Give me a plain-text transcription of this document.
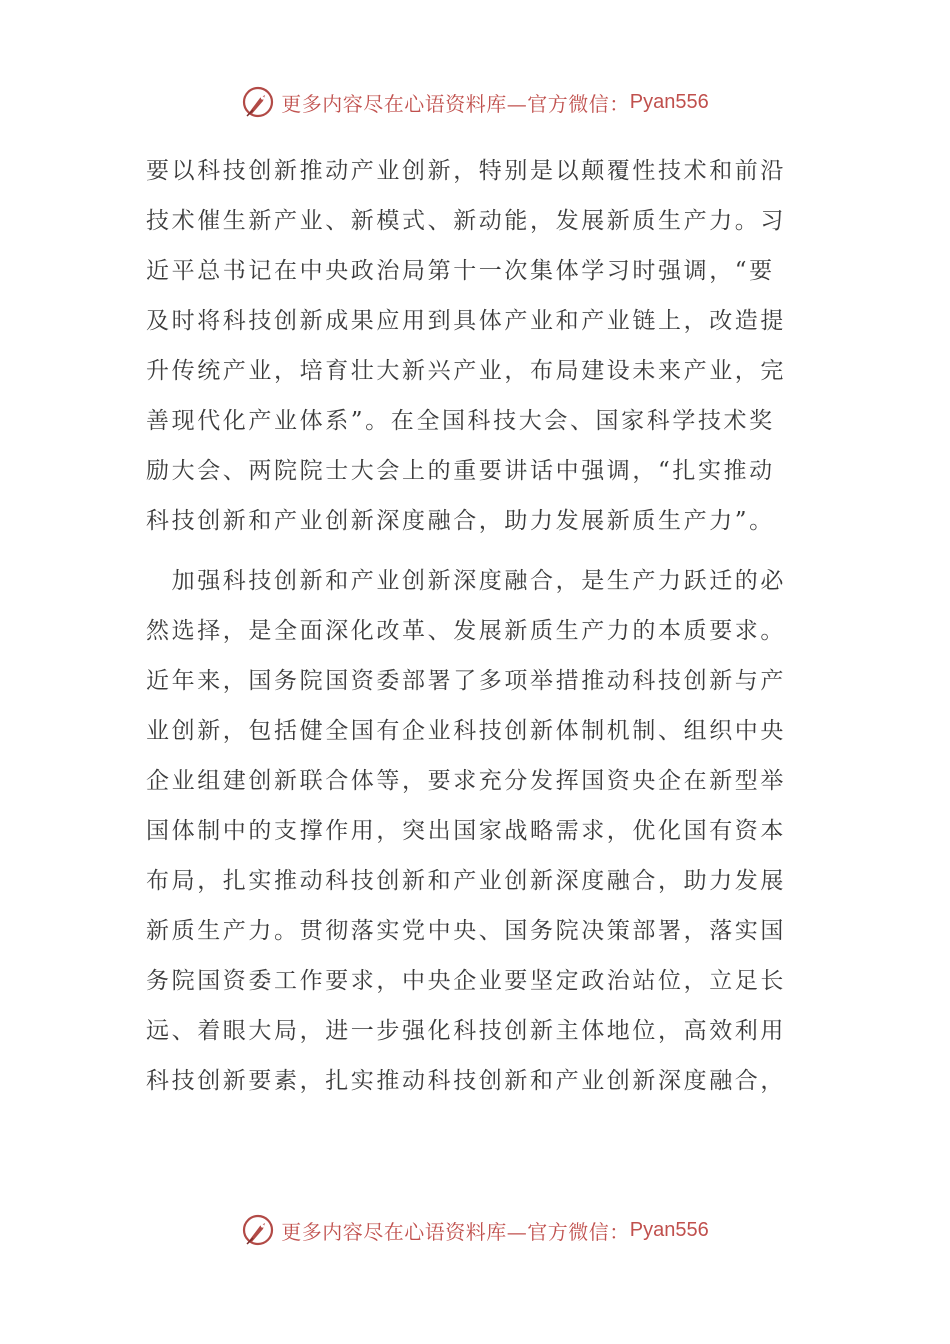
更多内容尽在心语资料库—官方微信： Pyan556
要以科技创新推动产业创新，特别是以颠覆性技术和前沿
技术催生新产业、新模式、新动能，发展新质生产力。习
近平总书记在中央政治局第十一次集体学习时强调，“要
及时将科技创新成果应用到具体产业和产业链上，改造提
升传统产业，培育壮大新兴产业，布局建设未来产业，完
善现代化产业体系”。在全国科技大会、国家科学技术奖
励大会、两院院士大会上的重要讲话中强调，“扎实推动
科技创新和产业创新深度融合，助力发展新质生产力”。
　加强科技创新和产业创新深度融合，是生产力跃迁的必
然选择，是全面深化改革、发展新质生产力的本质要求。
近年来，国务院国资委部署了多项举措推动科技创新与产
业创新，包括健全国有企业科技创新体制机制、组织中央
企业组建创新联合体等，要求充分发挥国资央企在新型举
国体制中的支撑作用，突出国家战略需求，优化国有资本
布局，扎实推动科技创新和产业创新深度融合，助力发展
新质生产力。贯彻落实党中央、国务院决策部署，落实国
务院国资委工作要求，中央企业要坚定政治站位，立足长
远、着眼大局，进一步强化科技创新主体地位，高效利用
科技创新要素，扎实推动科技创新和产业创新深度融合，
更多内容尽在心语资料库—官方微信： Pyan556
